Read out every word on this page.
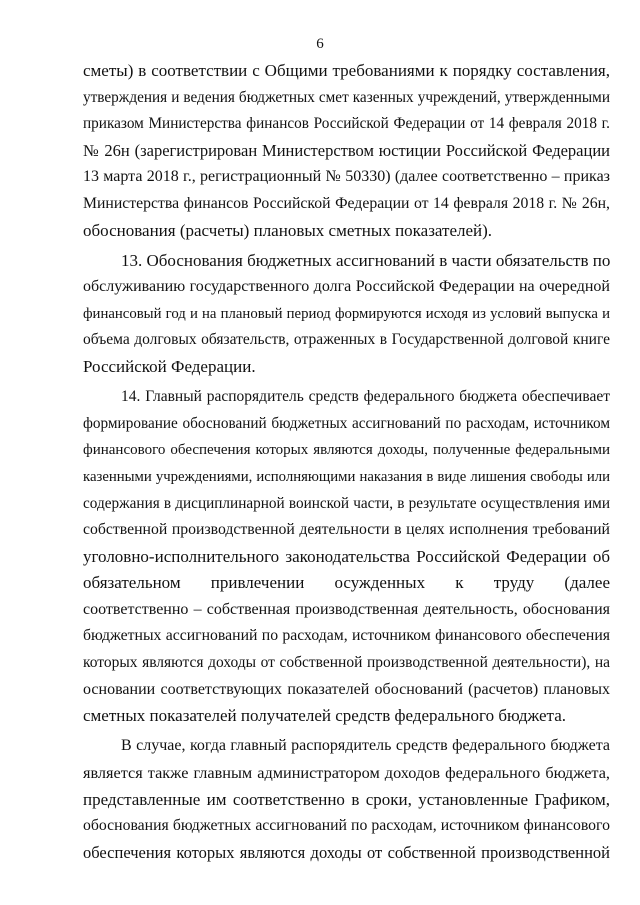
6
сметы) в соответствии с Общими требованиями к порядку составления,
утверждения и ведения бюджетных смет казенных учреждений, утвержденными
приказом Министерства финансов Российской Федерации от 14 февраля 2018 г.
№ 26н (зарегистрирован Министерством юстиции Российской Федерации
13 марта 2018 г., регистрационный № 50330) (далее соответственно – приказ
Министерства финансов Российской Федерации от 14 февраля 2018 г. № 26н,
обоснования (расчеты) плановых сметных показателей).
13. Обоснования бюджетных ассигнований в части обязательств по
обслуживанию государственного долга Российской Федерации на очередной
финансовый год и на плановый период формируются исходя из условий выпуска и
объема долговых обязательств, отраженных в Государственной долговой книге
Российской Федерации.
14. Главный распорядитель средств федерального бюджета обеспечивает
формирование обоснований бюджетных ассигнований по расходам, источником
финансового обеспечения которых являются доходы, полученные федеральными
казенными учреждениями, исполняющими наказания в виде лишения свободы или
содержания в дисциплинарной воинской части, в результате осуществления ими
собственной производственной деятельности в целях исполнения требований
уголовно-исполнительного законодательства Российской Федерации об
обязательном привлечении осужденных к труду (далее
соответственно – собственная производственная деятельность, обоснования
бюджетных ассигнований по расходам, источником финансового обеспечения
которых являются доходы от собственной производственной деятельности), на
основании соответствующих показателей обоснований (расчетов) плановых
сметных показателей получателей средств федерального бюджета.
В случае, когда главный распорядитель средств федерального бюджета
является также главным администратором доходов федерального бюджета,
представленные им соответственно в сроки, установленные Графиком,
обоснования бюджетных ассигнований по расходам, источником финансового
обеспечения которых являются доходы от собственной производственной
